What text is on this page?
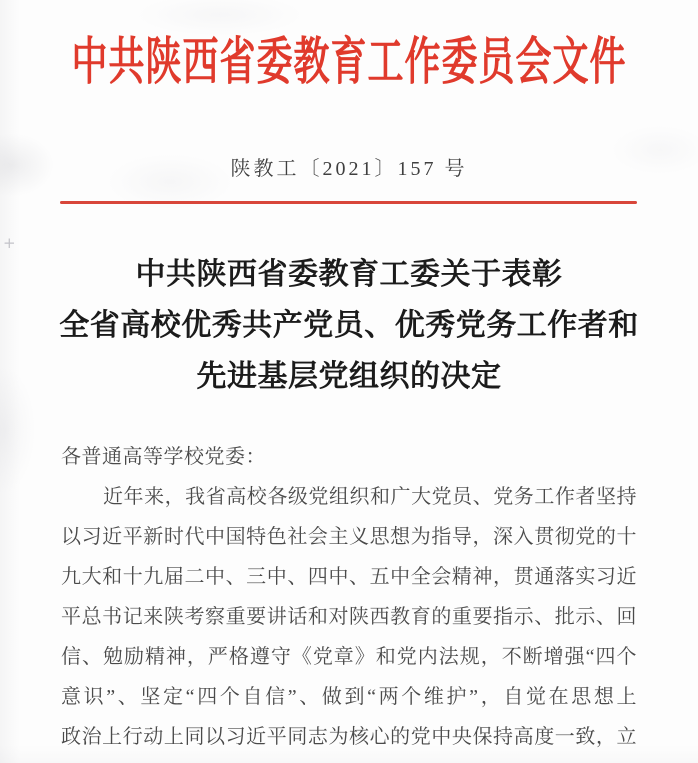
中共陕西省委教育工作委员会文件
陕教工〔2021〕157 号
中共陕西省委教育工委关于表彰
全省高校优秀共产党员、优秀党务工作者和
先进基层党组织的决定
各普通高等学校党委：
近年来，我省高校各级党组织和广大党员、党务工作者坚持
以习近平新时代中国特色社会主义思想为指导，深入贯彻党的十
九大和十九届二中、三中、四中、五中全会精神，贯通落实习近
平总书记来陕考察重要讲话和对陕西教育的重要指示、批示、回
信、勉励精神，严格遵守《党章》和党内法规，不断增强“四个
意识”、坚定“四个自信”、做到“两个维护”，自觉在思想上
政治上行动上同以习近平同志为核心的党中央保持高度一致，立
+
